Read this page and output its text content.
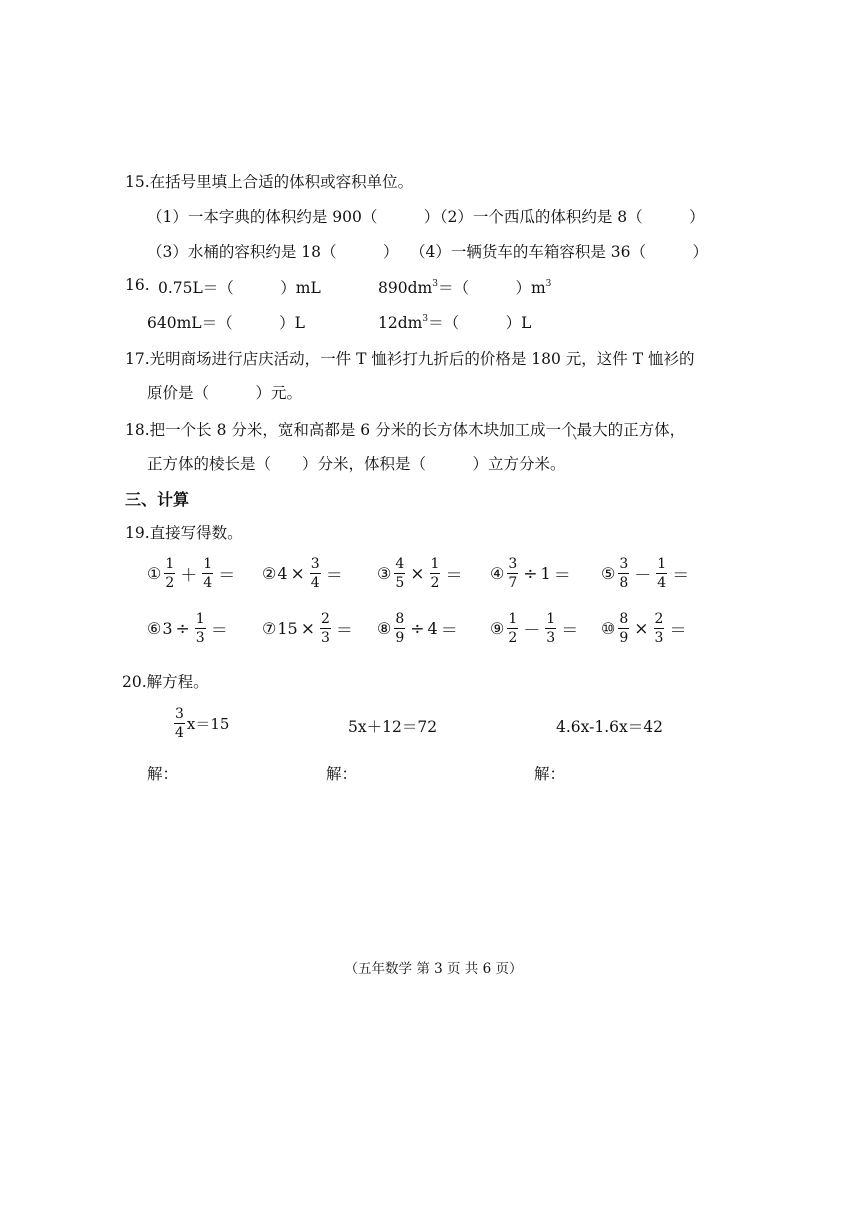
15.在括号里填上合适的体积或容积单位。
（1）一本字典的体积约是 900（　　　）
（2）一个西瓜的体积约是 8（　　　）
（3）水桶的容积约是 18（　　　） （4）一辆货车的车箱容积是 36（　　　）
16. 0.75L＝（　　　）mL	$890dm^3=$（　　　）$m^3$
640mL＝（　　　）L	$12dm^3=$（　　　）L
17.光明商场进行店庆活动，一件 T 恤衫打九折后的价格是 180 元，这件 T 恤衫的
原价是（　　　）元。
18.把一个长 8 分米，宽和高都是 6 分米的长方体木块加工成一个最大的正方体，
正方体的棱长是（　　）分米，体积是（　　　）立方分米。
三、计算
19.直接写得数。
① $\frac{1}{2} + \frac{1}{4}$ ＝ ② $4 \times \frac{3}{4}$ ＝ ③ $\frac{4}{5} \times \frac{1}{2}$ ＝ ④ $\frac{3}{7} \div 1$ ＝ ⑤ $\frac{3}{8} - \frac{1}{4}$ ＝
⑥ $3 \div \frac{1}{3}$ ＝ ⑦ $15 \times \frac{2}{3}$ ＝ ⑧ $\frac{8}{9} \div 4$ ＝ ⑨ $\frac{1}{2} - \frac{1}{3}$ ＝ ⑩ $\frac{8}{9} \times \frac{2}{3}$ ＝
20.解方程。
$\frac{3}{4} x=15$	5x＋12＝72	4.6x-1.6x＝42
解：	解：	解：
（五年数学 第 3 页 共 6 页）
